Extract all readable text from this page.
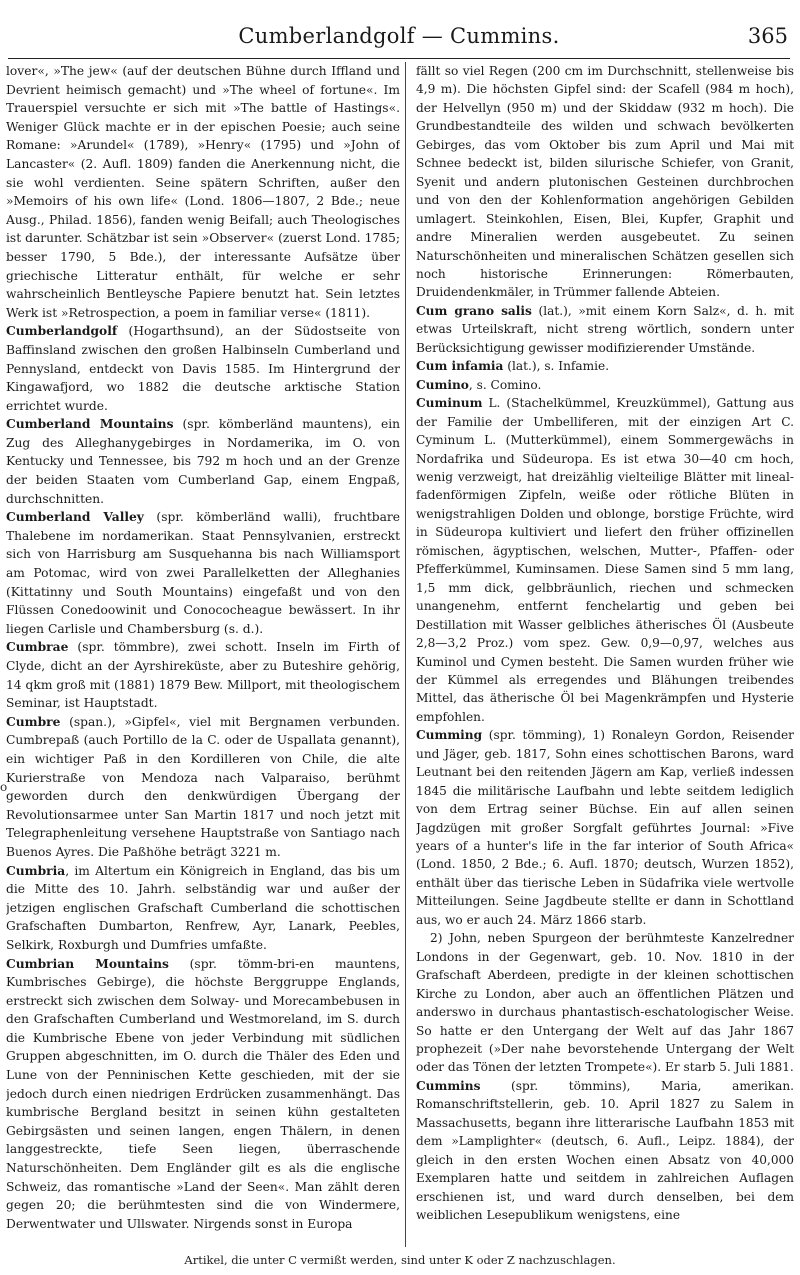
Cumberlandgolf — Cummins.	365
o

lover«, »The jew« (auf der deutschen Bühne durch Iffland und Devrient heimisch gemacht) und »The wheel of fortune«. Im Trauerspiel versuchte er sich mit »The battle of Hastings«. Weniger Glück machte er in der epischen Poesie; auch seine Romane: »Arundel« (1789), »Henry« (1795) und »John of Lancaster« (2. Aufl. 1809) fanden die Anerkennung nicht, die sie wohl verdienten. Seine spätern Schriften, außer den »Memoirs of his own life« (Lond. 1806—1807, 2 Bde.; neue Ausg., Philad. 1856), fanden wenig Beifall; auch Theologisches ist darunter. Schätzbar ist sein »Observer« (zuerst Lond. 1785; besser 1790, 5 Bde.), der interessante Aufsätze über griechische Litteratur enthält, für welche er sehr wahrscheinlich Bentleysche Papiere benutzt hat. Sein letztes Werk ist »Retrospection, a poem in familiar verse« (1811).

Cumberlandgolf (Hogarthsund), an der Südostseite von Baffinsland zwischen den großen Halbinseln Cumberland und Pennysland, entdeckt von Davis 1585. Im Hintergrund der Kingawafjord, wo 1882 die deutsche arktische Station errichtet wurde.

Cumberland Mountains (spr. kömberländ mauntens), ein Zug des Alleghanygebirges in Nordamerika, im O. von Kentucky und Tennessee, bis 792 m hoch und an der Grenze der beiden Staaten vom Cumberland Gap, einem Engpaß, durchschnitten.

Cumberland Valley (spr. kömberländ walli), fruchtbare Thalebene im nordamerikan. Staat Pennsylvanien, erstreckt sich von Harrisburg am Susquehanna bis nach Williamsport am Potomac, wird von zwei Parallelketten der Alleghanies (Kittatinny und South Mountains) eingefaßt und von den Flüssen Conedoowinit und Conococheague bewässert. In ihr liegen Carlisle und Chambersburg (s. d.).

Cumbrae (spr. tömmbre), zwei schott. Inseln im Firth of Clyde, dicht an der Ayrshireküste, aber zu Buteshire gehörig, 14 qkm groß mit (1881) 1879 Bew. Millport, mit theologischem Seminar, ist Hauptstadt.

Cumbre (span.), »Gipfel«, viel mit Bergnamen verbunden. Cumbrepaß (auch Portillo de la C. oder de Uspallata genannt), ein wichtiger Paß in den Kordilleren von Chile, die alte Kurierstraße von Mendoza nach Valparaiso, berühmt geworden durch den denkwürdigen Übergang der Revolutionsarmee unter San Martin 1817 und noch jetzt mit Telegraphenleitung versehene Hauptstraße von Santiago nach Buenos Ayres. Die Paßhöhe beträgt 3221 m.

Cumbria, im Altertum ein Königreich in England, das bis um die Mitte des 10. Jahrh. selbständig war und außer der jetzigen englischen Grafschaft Cumberland die schottischen Grafschaften Dumbarton, Renfrew, Ayr, Lanark, Peebles, Selkirk, Roxburgh und Dumfries umfaßte.

Cumbrian Mountains (spr. tömm-bri-en mauntens, Kumbrisches Gebirge), die höchste Berggruppe Englands, erstreckt sich zwischen dem Solway- und Morecambebusen in den Grafschaften Cumberland und Westmoreland, im S. durch die Kumbrische Ebene von jeder Verbindung mit südlichen Gruppen abgeschnitten, im O. durch die Thäler des Eden und Lune von der Penninischen Kette geschieden, mit der sie jedoch durch einen niedrigen Erdrücken zusammenhängt. Das kumbrische Bergland besitzt in seinen kühn gestalteten Gebirgsästen und seinen langen, engen Thälern, in denen langgestreckte, tiefe Seen liegen, überraschende Naturschönheiten. Dem Engländer gilt es als die englische Schweiz, das romantische »Land der Seen«. Man zählt deren gegen 20; die berühmtesten sind die von Windermere, Derwentwater und Ullswater. Nirgends sonst in Europa

fällt so viel Regen (200 cm im Durchschnitt, stellenweise bis 4,9 m). Die höchsten Gipfel sind: der Scafell (984 m hoch), der Helvellyn (950 m) und der Skiddaw (932 m hoch). Die Grundbestandteile des wilden und schwach bevölkerten Gebirges, das vom Oktober bis zum April und Mai mit Schnee bedeckt ist, bilden silurische Schiefer, von Granit, Syenit und andern plutonischen Gesteinen durchbrochen und von den der Kohlenformation angehörigen Gebilden umlagert. Steinkohlen, Eisen, Blei, Kupfer, Graphit und andre Mineralien werden ausgebeutet. Zu seinen Naturschönheiten und mineralischen Schätzen gesellen sich noch historische Erinnerungen: Römerbauten, Druidendenkmäler, in Trümmer fallende Abteien.

Cum grano salis (lat.), »mit einem Korn Salz«, d. h. mit etwas Urteilskraft, nicht streng wörtlich, sondern unter Berücksichtigung gewisser modifizierender Umstände.

Cum infamia (lat.), s. Infamie.

Cumino, s. Comino.

Cuminum L. (Stachelkümmel, Kreuzkümmel), Gattung aus der Familie der Umbelliferen, mit der einzigen Art C. Cyminum L. (Mutterkümmel), einem Sommergewächs in Nordafrika und Südeuropa. Es ist etwa 30—40 cm hoch, wenig verzweigt, hat dreizählig vielteilige Blätter mit lineal-fadenförmigen Zipfeln, weiße oder rötliche Blüten in wenigstrahligen Dolden und oblonge, borstige Früchte, wird in Südeuropa kultiviert und liefert den früher offizinellen römischen, ägyptischen, welschen, Mutter-, Pfaffen- oder Pfefferkümmel, Kuminsamen. Diese Samen sind 5 mm lang, 1,5 mm dick, gelbbräunlich, riechen und schmecken unangenehm, entfernt fenchelartig und geben bei Destillation mit Wasser gelbliches ätherisches Öl (Ausbeute 2,8—3,2 Proz.) vom spez. Gew. 0,9—0,97, welches aus Kuminol und Cymen besteht. Die Samen wurden früher wie der Kümmel als erregendes und Blähungen treibendes Mittel, das ätherische Öl bei Magenkrämpfen und Hysterie empfohlen.

Cumming (spr. tömming), 1) Ronaleyn Gordon, Reisender und Jäger, geb. 1817, Sohn eines schottischen Barons, ward Leutnant bei den reitenden Jägern am Kap, verließ indessen 1845 die militärische Laufbahn und lebte seitdem lediglich von dem Ertrag seiner Büchse. Ein auf allen seinen Jagdzügen mit großer Sorgfalt geführtes Journal: »Five years of a hunter's life in the far interior of South Africa« (Lond. 1850, 2 Bde.; 6. Aufl. 1870; deutsch, Wurzen 1852), enthält über das tierische Leben in Südafrika viele wertvolle Mitteilungen. Seine Jagdbeute stellte er dann in Schottland aus, wo er auch 24. März 1866 starb.

2) John, neben Spurgeon der berühmteste Kanzelredner Londons in der Gegenwart, geb. 10. Nov. 1810 in der Grafschaft Aberdeen, predigte in der kleinen schottischen Kirche zu London, aber auch an öffentlichen Plätzen und anderswo in durchaus phantastisch-eschatologischer Weise. So hatte er den Untergang der Welt auf das Jahr 1867 prophezeit (»Der nahe bevorstehende Untergang der Welt oder das Tönen der letzten Trompete«). Er starb 5. Juli 1881.

Cummins (spr. tömmins), Maria, amerikan. Romanschriftstellerin, geb. 10. April 1827 zu Salem in Massachusetts, begann ihre litterarische Laufbahn 1853 mit dem »Lamplighter« (deutsch, 6. Aufl., Leipz. 1884), der gleich in den ersten Wochen einen Absatz von 40,000 Exemplaren hatte und seitdem in zahlreichen Auflagen erschienen ist, und ward durch denselben, bei dem weiblichen Lesepublikum wenigstens, eine

Artikel, die unter C vermißt werden, sind unter K oder Z nachzuschlagen.
